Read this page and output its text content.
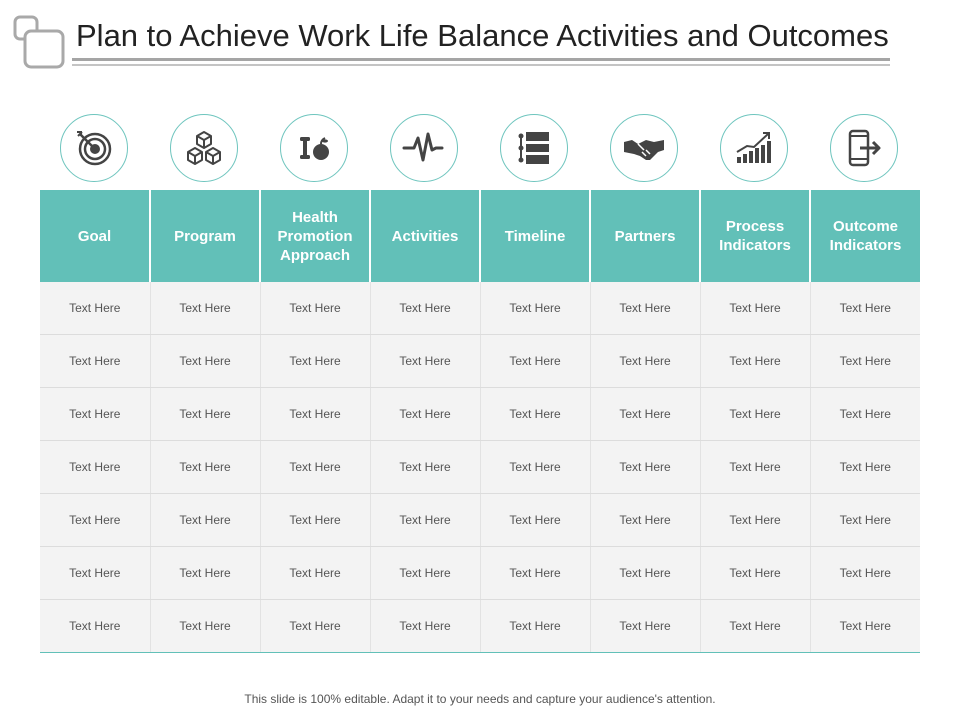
Plan to Achieve Work Life Balance Activities and Outcomes
Goal	Program	Health Promotion Approach	Activities	Timeline	Partners	Process Indicators	Outcome Indicators
Text Here	Text Here	Text Here	Text Here	Text Here	Text Here	Text Here	Text Here
Text Here	Text Here	Text Here	Text Here	Text Here	Text Here	Text Here	Text Here
Text Here	Text Here	Text Here	Text Here	Text Here	Text Here	Text Here	Text Here
Text Here	Text Here	Text Here	Text Here	Text Here	Text Here	Text Here	Text Here
Text Here	Text Here	Text Here	Text Here	Text Here	Text Here	Text Here	Text Here
Text Here	Text Here	Text Here	Text Here	Text Here	Text Here	Text Here	Text Here
Text Here	Text Here	Text Here	Text Here	Text Here	Text Here	Text Here	Text Here
This slide is 100% editable. Adapt it to your needs and capture your audience's attention.
